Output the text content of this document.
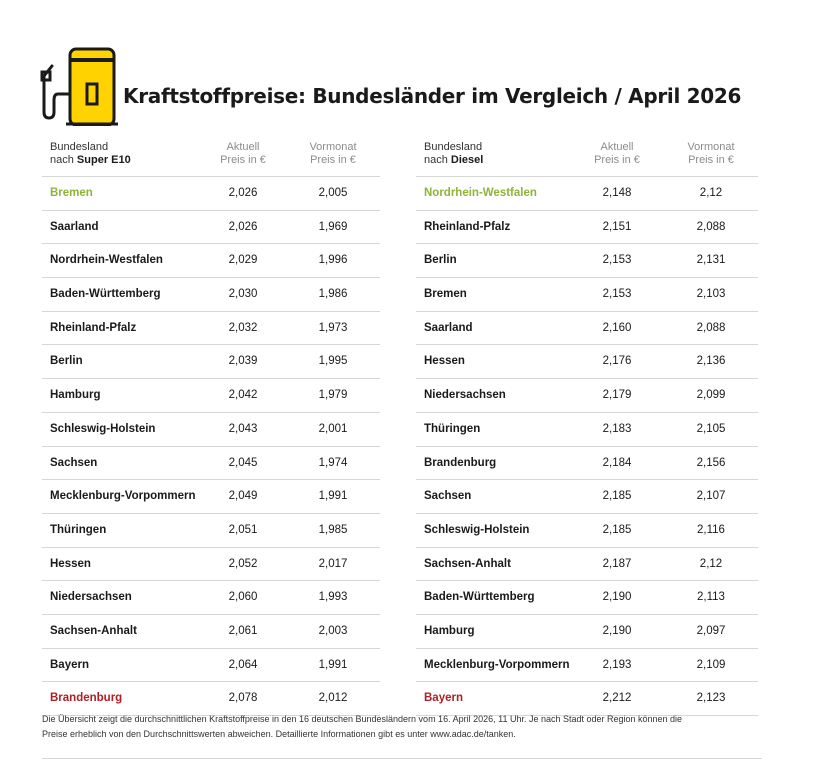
Kraftstoffpreise: Bundesländer im Vergleich / April 2026
Bundesland
nach Super E10
Aktuell
Preis in €
Vormonat
Preis in €
Bremen	2,026	2,005
Saarland	2,026	1,969
Nordrhein-Westfalen	2,029	1,996
Baden-Württemberg	2,030	1,986
Rheinland-Pfalz	2,032	1,973
Berlin	2,039	1,995
Hamburg	2,042	1,979
Schleswig-Holstein	2,043	2,001
Sachsen	2,045	1,974
Mecklenburg-Vorpommern	2,049	1,991
Thüringen	2,051	1,985
Hessen	2,052	2,017
Niedersachsen	2,060	1,993
Sachsen-Anhalt	2,061	2,003
Bayern	2,064	1,991
Brandenburg	2,078	2,012
Bundesland
nach Diesel
Aktuell
Preis in €
Vormonat
Preis in €
Nordrhein-Westfalen	2,148	2,12
Rheinland-Pfalz	2,151	2,088
Berlin	2,153	2,131
Bremen	2,153	2,103
Saarland	2,160	2,088
Hessen	2,176	2,136
Niedersachsen	2,179	2,099
Thüringen	2,183	2,105
Brandenburg	2,184	2,156
Sachsen	2,185	2,107
Schleswig-Holstein	2,185	2,116
Sachsen-Anhalt	2,187	2,12
Baden-Württemberg	2,190	2,113
Hamburg	2,190	2,097
Mecklenburg-Vorpommern	2,193	2,109
Bayern	2,212	2,123
Die Übersicht zeigt die durchschnittlichen Kraftstoffpreise in den 16 deutschen Bundesländern vom 16. April 2026, 11 Uhr. Je nach Stadt oder Region können die
Preise erheblich von den Durchschnittswerten abweichen. Detaillierte Informationen gibt es unter www.adac.de/tanken.
